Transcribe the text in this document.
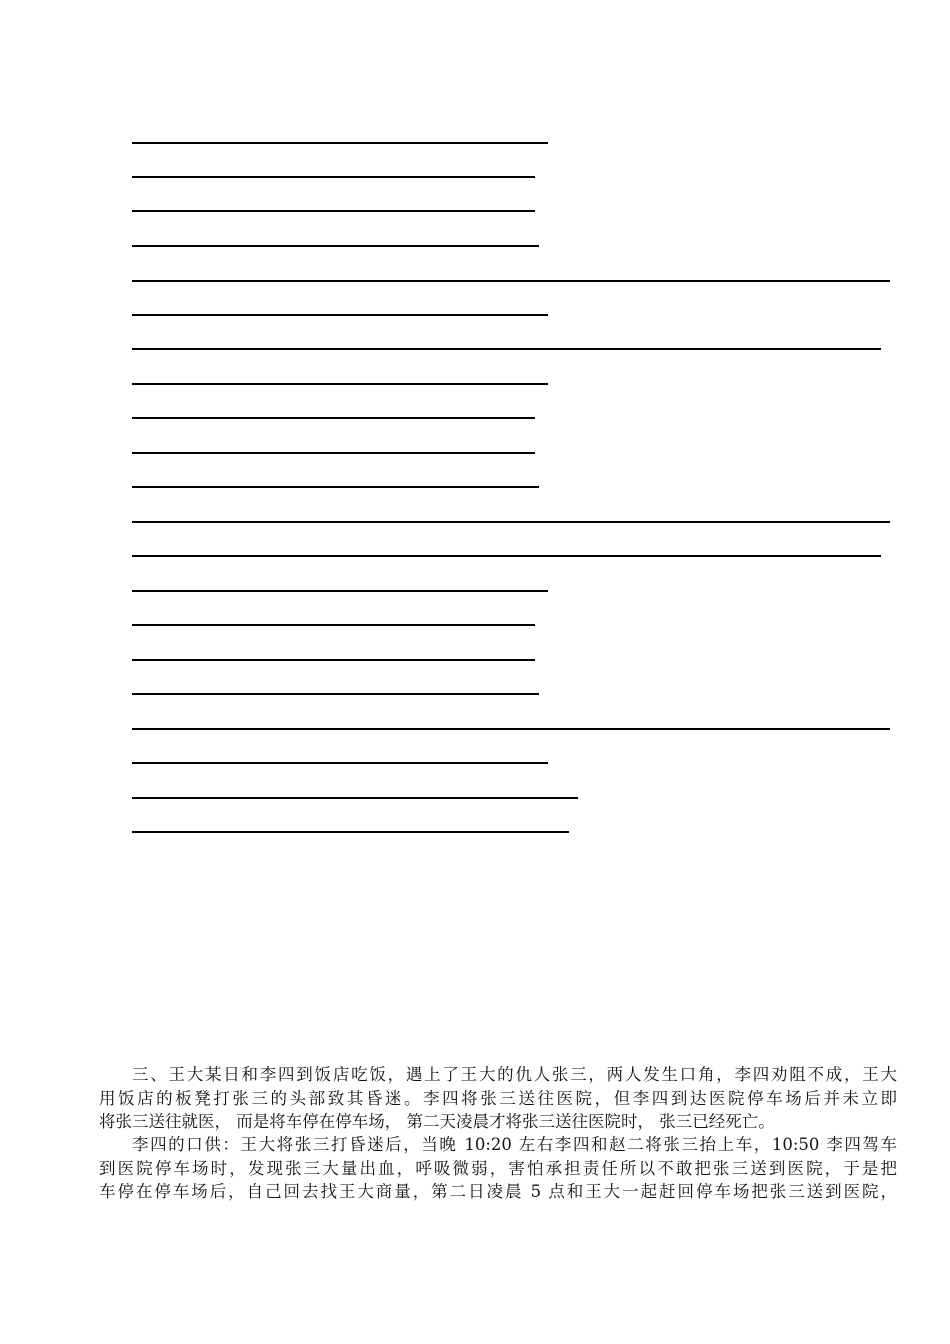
三、王大某日和李四到饭店吃饭，遇上了王大的仇人张三，两人发生口角，李四劝阻不成，王大
用饭店的板凳打张三的头部致其昏迷。李四将张三送往医院，但李四到达医院停车场后并未立即
将张三送往就医， 而是将车停在停车场， 第二天凌晨才将张三送往医院时， 张三已经死亡。
李四的口供：王大将张三打昏迷后，当晚 10:20 左右李四和赵二将张三抬上车，10:50 李四驾车
到医院停车场时，发现张三大量出血，呼吸微弱，害怕承担责任所以不敢把张三送到医院，于是把
车停在停车场后，自己回去找王大商量，第二日凌晨 5 点和王大一起赶回停车场把张三送到医院，
